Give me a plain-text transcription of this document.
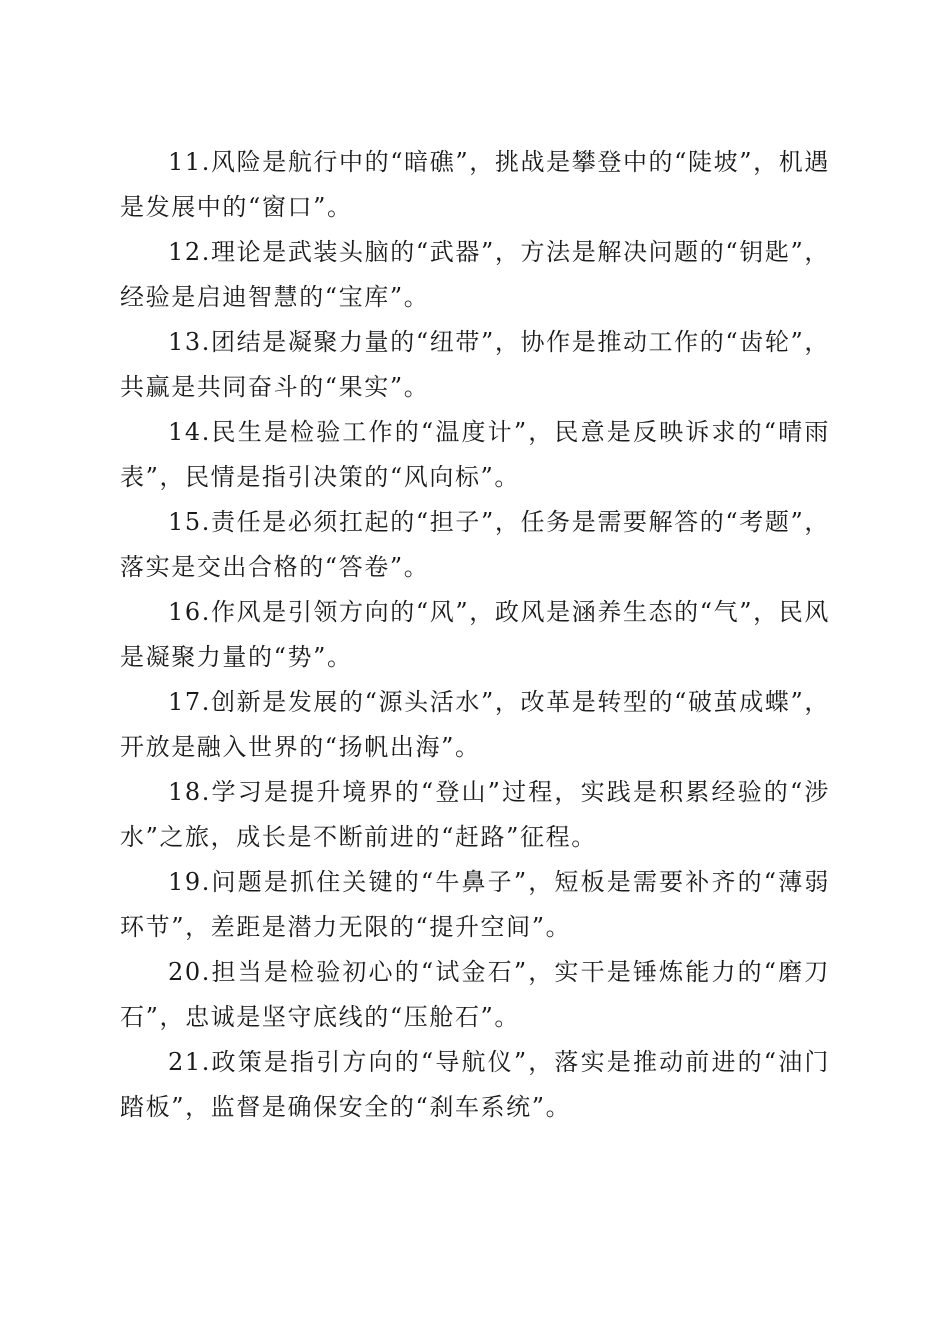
11.风险是航行中的“暗礁”，挑战是攀登中的“陡坡”，机遇是发展中的“窗口”。

12.理论是武装头脑的“武器”，方法是解决问题的“钥匙”，经验是启迪智慧的“宝库”。

13.团结是凝聚力量的“纽带”，协作是推动工作的“齿轮”，共赢是共同奋斗的“果实”。

14.民生是检验工作的“温度计”，民意是反映诉求的“晴雨表”，民情是指引决策的“风向标”。

15.责任是必须扛起的“担子”，任务是需要解答的“考题”，落实是交出合格的“答卷”。

16.作风是引领方向的“风”，政风是涵养生态的“气”，民风是凝聚力量的“势”。

17.创新是发展的“源头活水”，改革是转型的“破茧成蝶”，开放是融入世界的“扬帆出海”。

18.学习是提升境界的“登山”过程，实践是积累经验的“涉水”之旅，成长是不断前进的“赶路”征程。

19.问题是抓住关键的“牛鼻子”，短板是需要补齐的“薄弱环节”，差距是潜力无限的“提升空间”。

20.担当是检验初心的“试金石”，实干是锤炼能力的“磨刀石”，忠诚是坚守底线的“压舱石”。

21.政策是指引方向的“导航仪”，落实是推动前进的“油门踏板”，监督是确保安全的“刹车系统”。
